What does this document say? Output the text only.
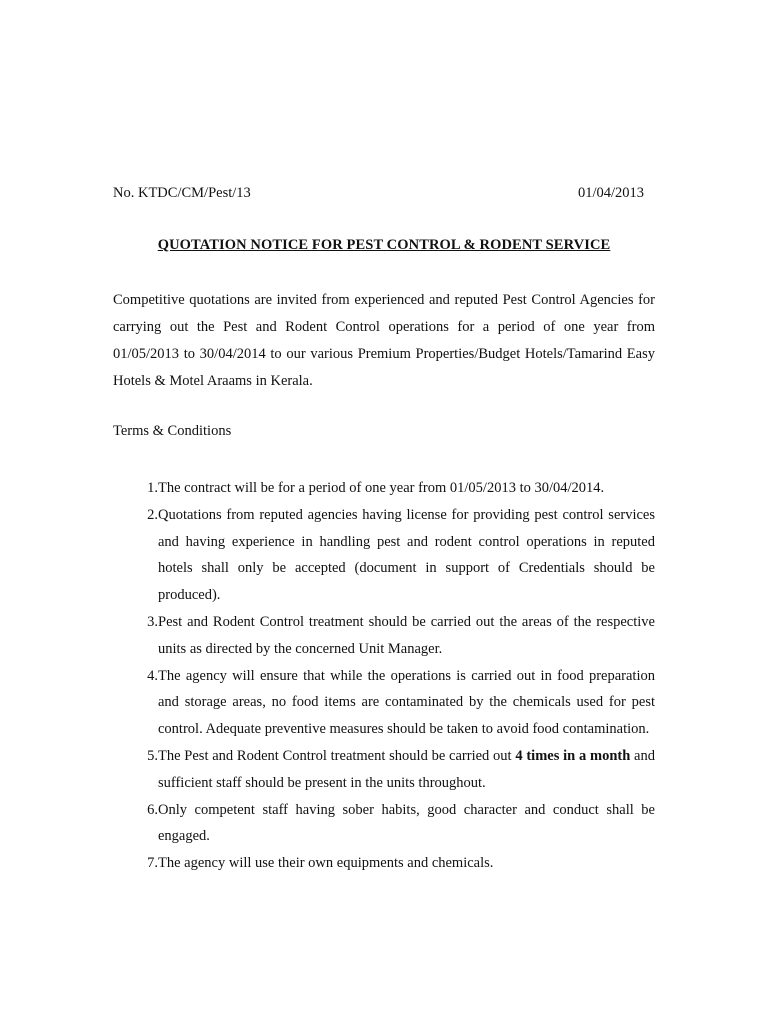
No. KTDC/CM/Pest/13	01/04/2013
QUOTATION NOTICE FOR PEST CONTROL & RODENT SERVICE

Competitive quotations are invited from experienced and reputed Pest Control Agencies for carrying out the Pest and Rodent Control operations for a period of one year from 01/05/2013 to 30/04/2014 to our various Premium Properties/Budget Hotels/Tamarind Easy Hotels & Motel Araams in Kerala.

Terms & Conditions
1. The contract will be for a period of one year from 01/05/2013 to 30/04/2014.
2. Quotations from reputed agencies having license for providing pest control services and having experience in handling pest and rodent control operations in reputed hotels shall only be accepted (document in support of Credentials should be produced).
3. Pest and Rodent Control treatment should be carried out the areas of the respective units as directed by the concerned Unit Manager.
4. The agency will ensure that while the operations is carried out in food preparation and storage areas, no food items are contaminated by the chemicals used for pest control. Adequate preventive measures should be taken to avoid food contamination.
5. The Pest and Rodent Control treatment should be carried out 4 times in a month and sufficient staff should be present in the units throughout.
6. Only competent staff having sober habits, good character and conduct shall be engaged.
7. The agency will use their own equipments and chemicals.
